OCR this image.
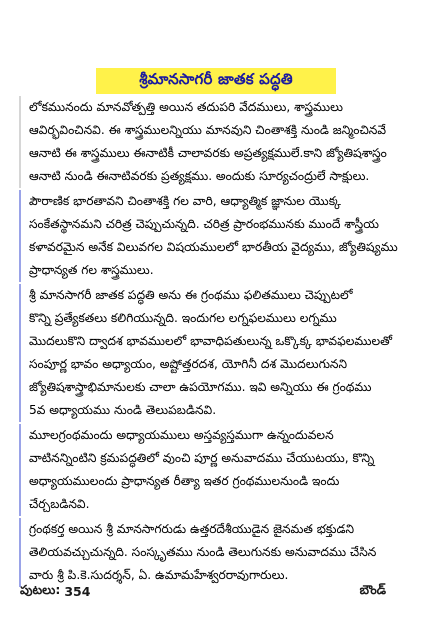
శ్రీమానసాగరీ జాతక పద్ధతి
లోకమునందు మానవోత్పత్తి అయిన తదుపరి వేదములు, శాస్త్రములు
ఆవిర్భవించినవి. ఈ శాస్త్రములన్నియు మానవుని చింతాశక్తి నుండి జన్మించినవే
ఆనాటి ఈ శాస్త్రములు ఈనాటికీ చాలావరకు అప్రత్యక్షములే.కాని జ్యోతిషశాస్త్రం
ఆనాటి నుండి ఈనాటివరకు ప్రత్యక్షము. అందుకు సూర్యచంద్రులే సాక్షులు.
పౌరాణిక భారతావని చింతాశక్తి గల వారి, ఆధ్యాత్మిక జ్ఞానుల యొక్క
సంకేతస్థానమని చరిత్ర చెప్పుచున్నది. చరిత్ర ప్రారంభమునకు ముందే శాస్త్రీయ
కళావరమైన అనేక విలువగల విషయములలో భారతీయ వైద్యము, జ్యోతిష్యము
ప్రాధాన్యత గల శాస్త్రములు.
శ్రీ మానసాగరీ జాతక పద్ధతి అను ఈ గ్రంథము ఫలితములు చెప్పుటలో
కొన్ని ప్రత్యేకతలు కలిగియున్నది. ఇందుగల లగ్నఫలములు లగ్నము
మొదలుకొని ద్వాదశ భావములలో భావాధిపతులున్న ఒక్కొక్క భావఫలములతో
సంపూర్ణ భావం అధ్యాయం, అష్టోత్తరదశ, యోగినీ దశ మొదలుగునని
జ్యోతిషశాస్త్రాభిమానులకు చాలా ఉపయోగము. ఇవి అన్నియు ఈ గ్రంథము
5వ అధ్యాయము నుండి తెలుపబడినవి.
మూలగ్రంథమందు అధ్యాయములు అస్తవ్యస్తముగా ఉన్నందువలన
వాటినన్నింటిని క్రమపద్ధతిలో వుంచి పూర్ణ అనువాదము చేయుటయు, కొన్ని
అధ్యాయములందు ప్రాధాన్యత రీత్యా ఇతర గ్రంథములనుండి ఇందు
చేర్చబడినవి.
గ్రంథకర్త అయిన శ్రీ మానసాగరుడు ఉత్తరదేశీయుడైన జైనమత భక్తుడని
తెలియవచ్చుచున్నది. సంస్కృతము నుండి తెలుగునకు అనువాదము చేసిన
వారు శ్రీ పి.కె.సుదర్శన్, ఏ. ఉమామహేశ్వరరావుగారులు.
పుటలు: 354	బౌండ్
